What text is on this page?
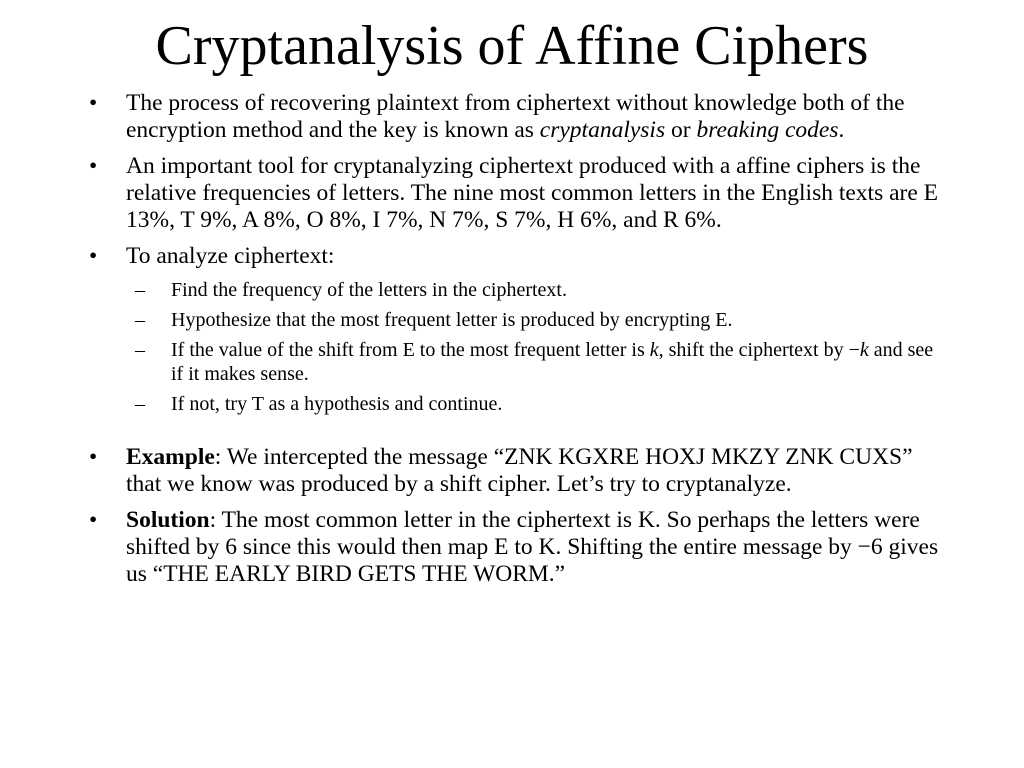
Cryptanalysis of Affine Ciphers
• The process of recovering plaintext from ciphertext without knowledge both of the encryption method and the key is known as cryptanalysis or breaking codes.
• An important tool for cryptanalyzing ciphertext produced with a affine ciphers is the relative frequencies of letters. The nine most common letters in the English texts are E 13%, T 9%, A 8%, O 8%, I 7%, N 7%, S 7%, H 6%, and R 6%.
• To analyze ciphertext:
– Find the frequency of the letters in the ciphertext.
– Hypothesize that the most frequent letter is produced by encrypting E.
– If the value of the shift from E to the most frequent letter is k, shift the ciphertext by −k and see if it makes sense.
– If not, try T as a hypothesis and continue.
• Example: We intercepted the message “ZNK KGXRE HOXJ MKZY ZNK CUXS” that we know was produced by a shift cipher. Let’s try to cryptanalyze.
• Solution: The most common letter in the ciphertext is K. So perhaps the letters were shifted by 6 since this would then map E to K. Shifting the entire message by −6 gives us “THE EARLY BIRD GETS THE WORM.”
